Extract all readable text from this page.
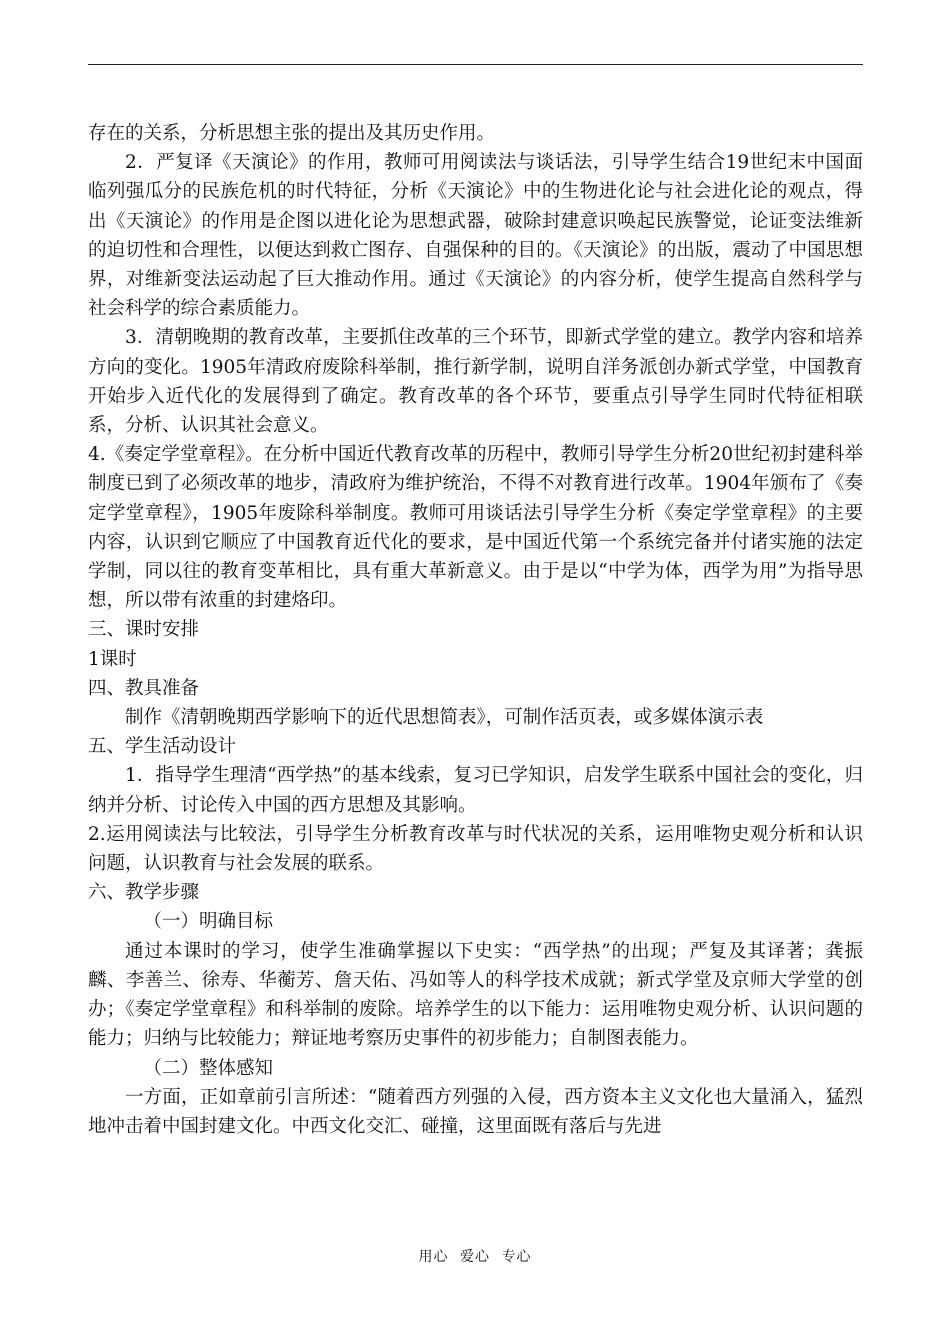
存在的关系，分析思想主张的提出及其历史作用。

2．严复译《天演论》的作用，教师可用阅读法与谈话法，引导学生结合19世纪末中国面临列强瓜分的民族危机的时代特征，分析《天演论》中的生物进化论与社会进化论的观点，得出《天演论》的作用是企图以进化论为思想武器，破除封建意识唤起民族警觉，论证变法维新的迫切性和合理性，以便达到救亡图存、自强保种的目的。《天演论》的出版，震动了中国思想界，对维新变法运动起了巨大推动作用。通过《天演论》的内容分析，使学生提高自然科学与社会科学的综合素质能力。

3．清朝晚期的教育改革，主要抓住改革的三个环节，即新式学堂的建立。教学内容和培养方向的变化。1905年清政府废除科举制，推行新学制，说明自洋务派创办新式学堂，中国教育开始步入近代化的发展得到了确定。教育改革的各个环节，要重点引导学生同时代特征相联系，分析、认识其社会意义。

4.《奏定学堂章程》。在分析中国近代教育改革的历程中，教师引导学生分析20世纪初封建科举制度已到了必须改革的地步，清政府为维护统治，不得不对教育进行改革。1904年颁布了《奏定学堂章程》，1905年废除科举制度。教师可用谈话法引导学生分析《奏定学堂章程》的主要内容，认识到它顺应了中国教育近代化的要求，是中国近代第一个系统完备并付诸实施的法定学制，同以往的教育变革相比，具有重大革新意义。由于是以“中学为体，西学为用”为指导思想，所以带有浓重的封建烙印。

三、课时安排

1课时

四、教具准备

制作《清朝晚期西学影响下的近代思想简表》，可制作活页表，或多媒体演示表

五、学生活动设计

1．指导学生理清“西学热”的基本线索，复习已学知识，启发学生联系中国社会的变化，归纳并分析、讨论传入中国的西方思想及其影响。

2.运用阅读法与比较法，引导学生分析教育改革与时代状况的关系，运用唯物史观分析和认识问题，认识教育与社会发展的联系。

六、教学步骤

（一）明确目标

通过本课时的学习，使学生准确掌握以下史实：“西学热”的出现；严复及其译著；龚振麟、李善兰、徐寿、华蘅芳、詹天佑、冯如等人的科学技术成就；新式学堂及京师大学堂的创办；《奏定学堂章程》和科举制的废除。培养学生的以下能力：运用唯物史观分析、认识问题的能力；归纳与比较能力；辩证地考察历史事件的初步能力；自制图表能力。

（二）整体感知

一方面，正如章前引言所述：“随着西方列强的入侵，西方资本主义文化也大量涌入，猛烈地冲击着中国封建文化。中西文化交汇、碰撞，这里面既有落后与先进

用心 爱心 专心
